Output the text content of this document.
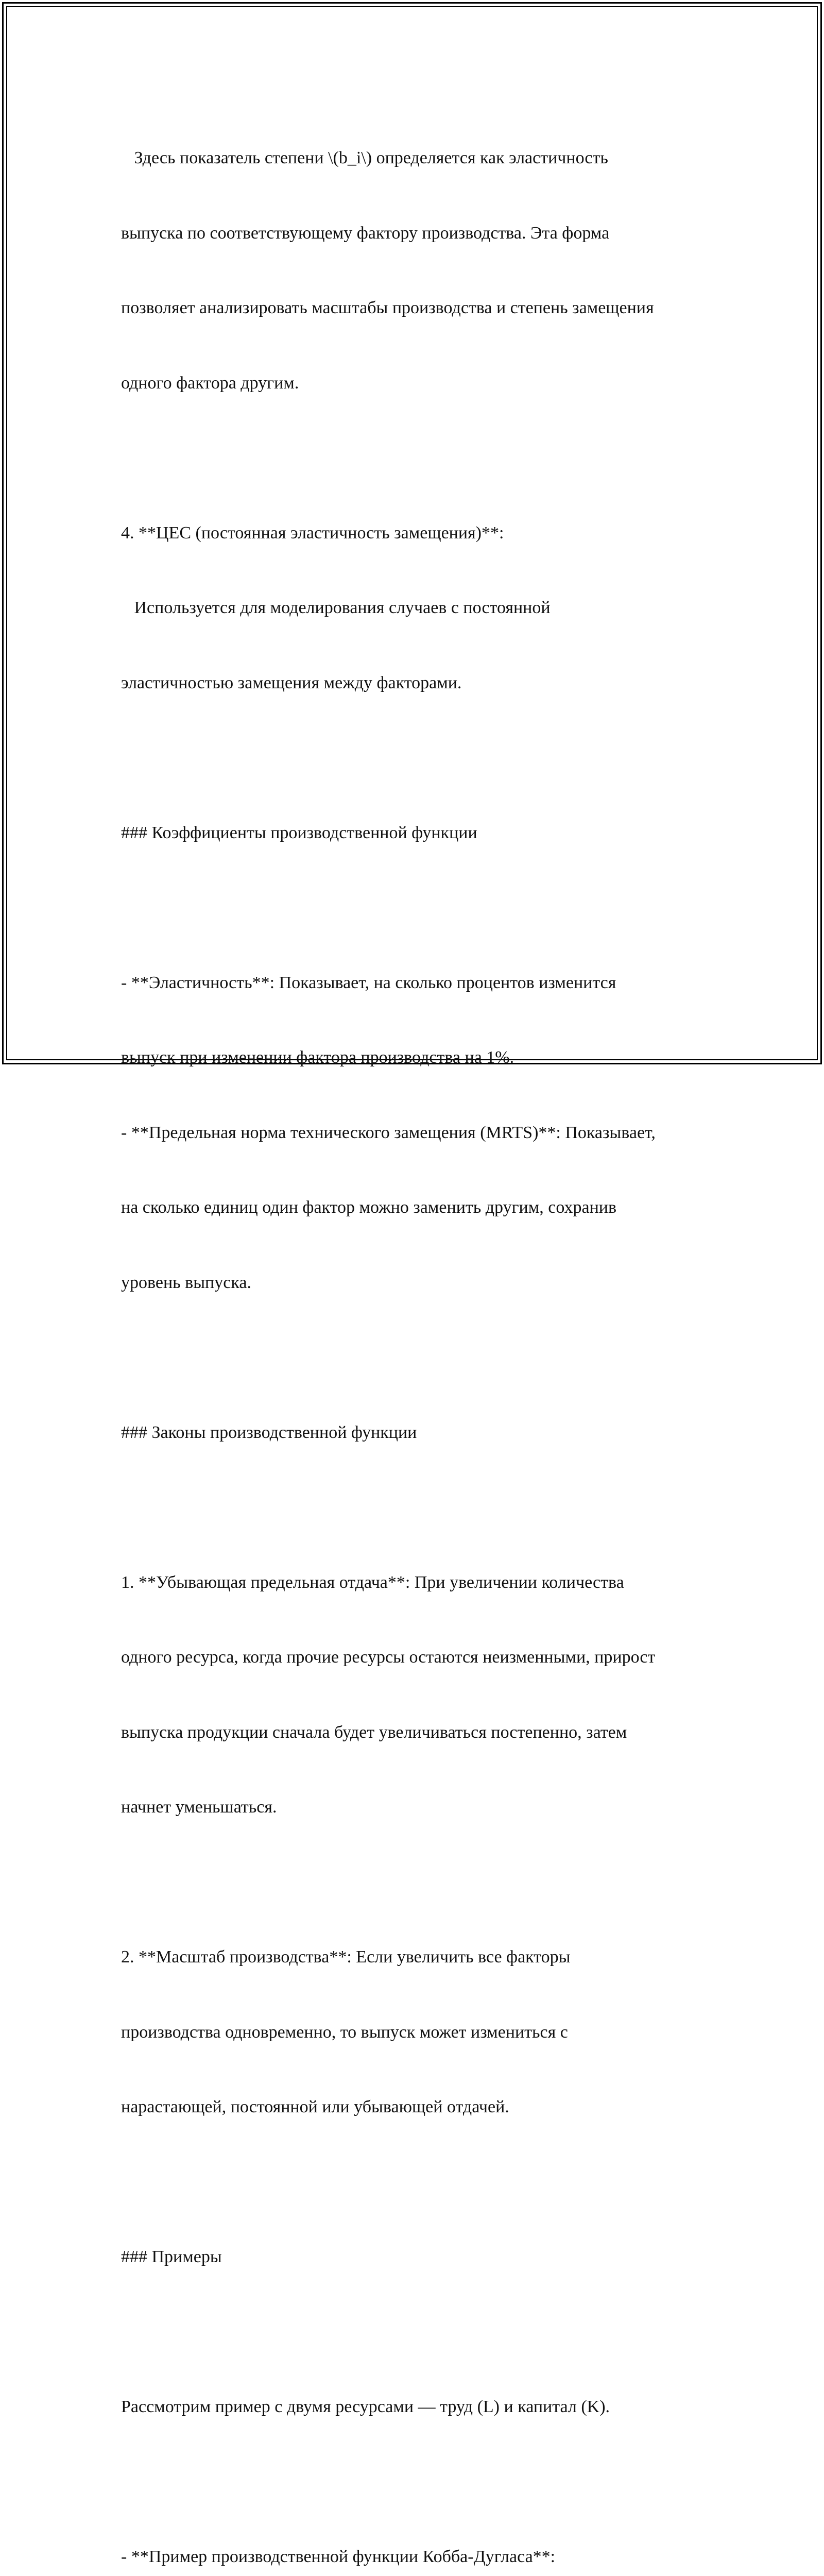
Здесь показатель степени \(b_i\) определяется как эластичность

выпуска по соответствующему фактору производства. Эта форма

позволяет анализировать масштабы производства и степень замещения

одного фактора другим.

4. **ЦЕС (постоянная эластичность замещения)**:

Используется для моделирования случаев с постоянной

эластичностью замещения между факторами.

### Коэффициенты производственной функции

- **Эластичность**: Показывает, на сколько процентов изменится

выпуск при изменении фактора производства на 1%.

- **Предельная норма технического замещения (MRTS)**: Показывает,

на сколько единиц один фактор можно заменить другим, сохранив

уровень выпуска.

### Законы производственной функции

1. **Убывающая предельная отдача**: При увеличении количества

одного ресурса, когда прочие ресурсы остаются неизменными, прирост

выпуска продукции сначала будет увеличиваться постепенно, затем

начнет уменьшаться.

2. **Масштаб производства**: Если увеличить все факторы

производства одновременно, то выпуск может измениться с

нарастающей, постоянной или убывающей отдачей.

### Примеры

Рассмотрим пример с двумя ресурсами — труд (L) и капитал (K).

- **Пример производственной функции Кобба-Дугласа**:
